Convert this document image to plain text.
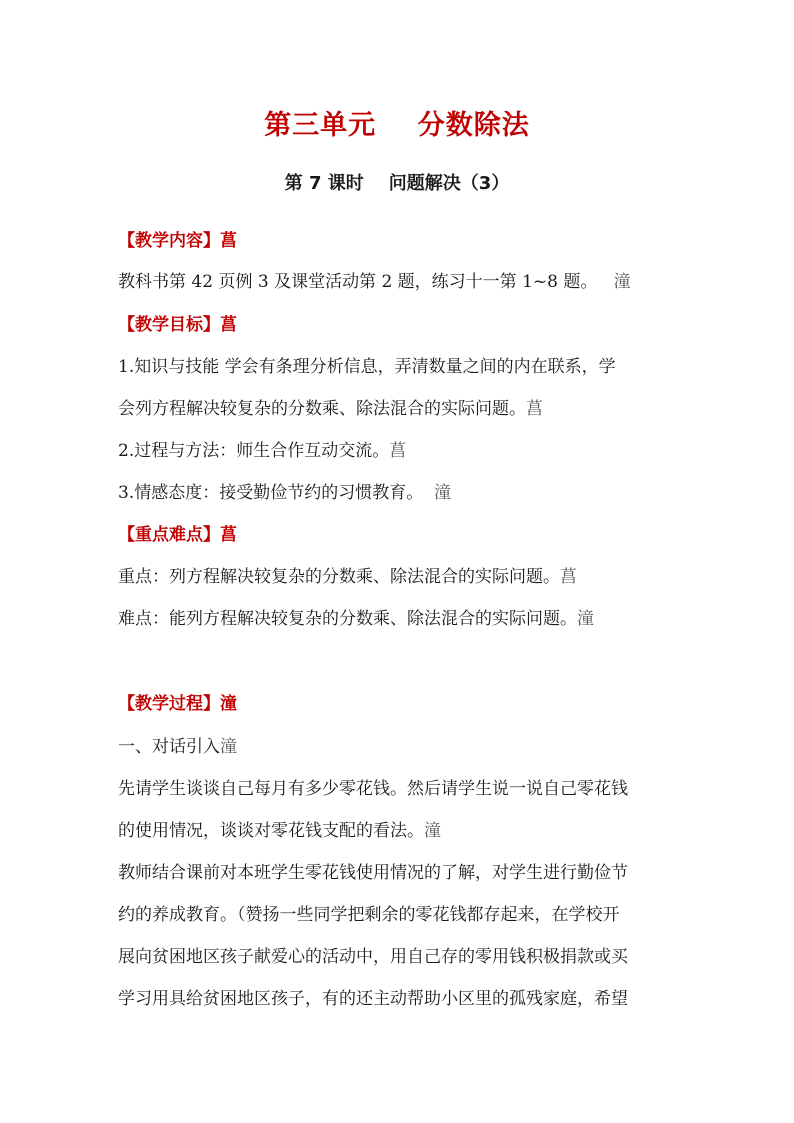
第三单元    分数除法
第 7 课时    问题解决（3）
【教学内容】菖
教科书第 42 页例 3 及课堂活动第 2 题，练习十一第 1~8 题。 潼
【教学目标】菖
1.知识与技能 学会有条理分析信息，弄清数量之间的内在联系，学
会列方程解决较复杂的分数乘、除法混合的实际问题。菖
2.过程与方法：师生合作互动交流。菖
3.情感态度：接受勤俭节约的习惯教育。 潼
【重点难点】菖
重点：列方程解决较复杂的分数乘、除法混合的实际问题。菖
难点：能列方程解决较复杂的分数乘、除法混合的实际问题。潼
【教学过程】潼
一、对话引入潼
先请学生谈谈自己每月有多少零花钱。然后请学生说一说自己零花钱
的使用情况，谈谈对零花钱支配的看法。潼
教师结合课前对本班学生零花钱使用情况的了解，对学生进行勤俭节
约的养成教育。（赞扬一些同学把剩余的零花钱都存起来，在学校开
展向贫困地区孩子献爱心的活动中，用自己存的零用钱积极捐款或买
学习用具给贫困地区孩子，有的还主动帮助小区里的孤残家庭，希望
